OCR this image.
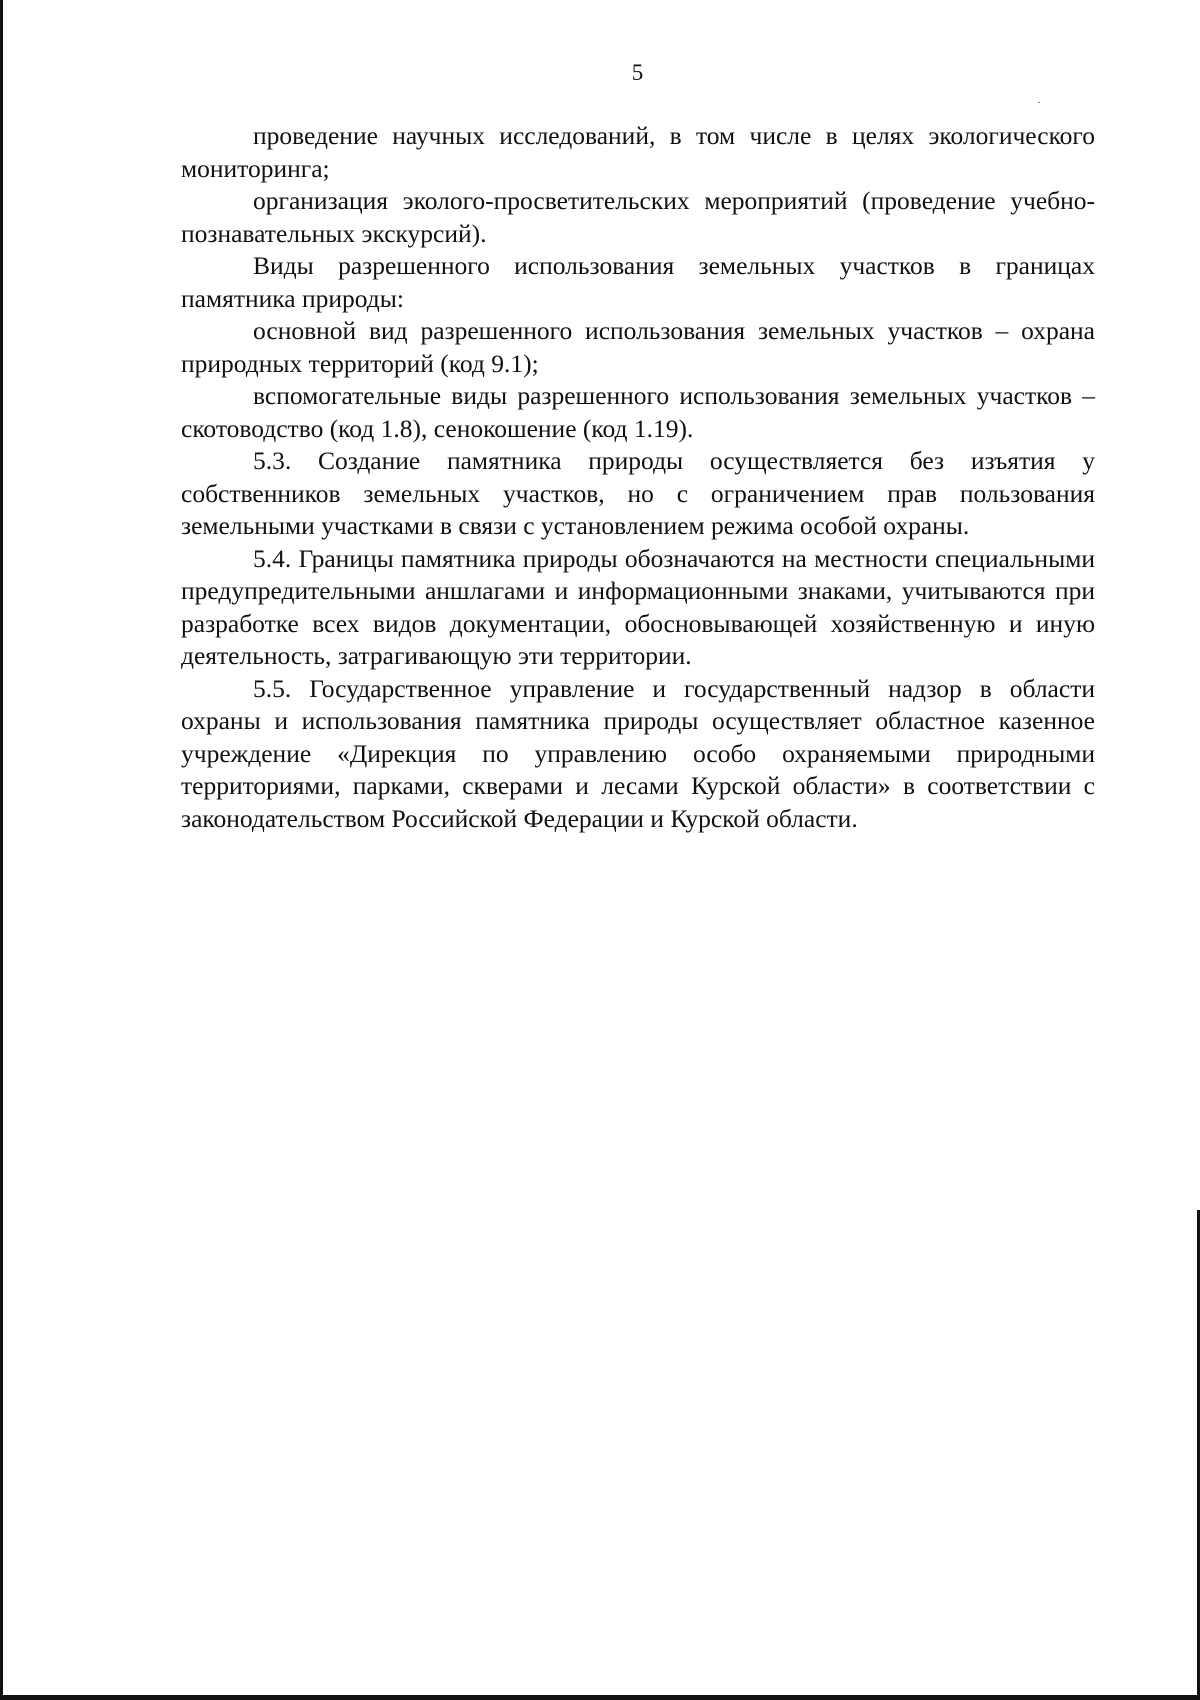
5

проведение научных исследований, в том числе в целях экологического мониторинга;

организация эколого-просветительских мероприятий (проведение учебно-познавательных экскурсий).

Виды разрешенного использования земельных участков в границах памятника природы:

основной вид разрешенного использования земельных участков – охрана природных территорий (код 9.1);

вспомогательные виды разрешенного использования земельных участков – скотоводство (код 1.8), сенокошение (код 1.19).

5.3. Создание памятника природы осуществляется без изъятия у собственников земельных участков, но с ограничением прав пользования земельными участками в связи с установлением режима особой охраны.

5.4. Границы памятника природы обозначаются на местности специальными предупредительными аншлагами и информационными знаками, учитываются при разработке всех видов документации, обосновывающей хозяйственную и иную деятельность, затрагивающую эти территории.

5.5. Государственное управление и государственный надзор в области охраны и использования памятника природы осуществляет областное казенное учреждение «Дирекция по управлению особо охраняемыми природными территориями, парками, скверами и лесами Курской области» в соответствии с законодательством Российской Федерации и Курской области.
